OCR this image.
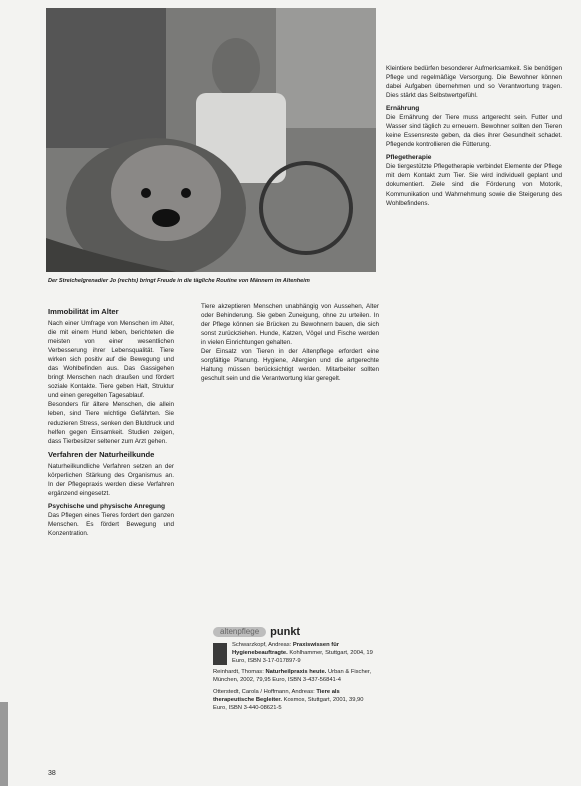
Der Streichelgrenadier Jo (rechts) bringt Freude in die tägliche Routine von Männern im Altenheim
Immobilität im Alter

Nach einer Umfrage von Menschen im Alter, die mit einem Hund leben, berichteten die meisten von einer wesentlichen Verbesserung ihrer Lebensqualität. Tiere wirken sich positiv auf die Bewegung und das Wohlbefinden aus. Das Gassigehen bringt Menschen nach draußen und fördert soziale Kontakte. Tiere geben Halt, Struktur und einen geregelten Tagesablauf.

Besonders für ältere Menschen, die allein leben, sind Tiere wichtige Gefährten. Sie reduzieren Stress, senken den Blutdruck und helfen gegen Einsamkeit. Studien zeigen, dass Tierbesitzer seltener zum Arzt gehen.

Verfahren der Naturheilkunde

Naturheilkundliche Verfahren setzen an der körperlichen Stärkung des Organismus an. In der Pflegepraxis werden diese Verfahren ergänzend eingesetzt.

Psychische und physische Anregung

Das Pflegen eines Tieres fordert den ganzen Menschen. Es fördert Bewegung und Konzentration.

Tiere akzeptieren Menschen unabhängig von Aussehen, Alter oder Behinderung. Sie geben Zuneigung, ohne zu urteilen. In der Pflege können sie Brücken zu Bewohnern bauen, die sich sonst zurückziehen. Hunde, Katzen, Vögel und Fische werden in vielen Einrichtungen gehalten.

Der Einsatz von Tieren in der Altenpflege erfordert eine sorgfältige Planung. Hygiene, Allergien und die artgerechte Haltung müssen berücksichtigt werden. Mitarbeiter sollten geschult sein und die Verantwortung klar geregelt.

altenpflege	punkt
Schwarzkopf, Andreas: Praxiswissen für Hygienebeauftragte. Kohlhammer, Stuttgart, 2004, 19 Euro, ISBN 3-17-017897-9
Reinhardt, Thomas: Naturheilpraxis heute. Urban & Fischer, München, 2002, 79,95 Euro, ISBN 3-437-56841-4
Otterstedt, Carola / Hoffmann, Andreas: Tiere als therapeutische Begleiter. Kosmos, Stuttgart, 2001, 39,90 Euro, ISBN 3-440-08621-5

Kleintiere bedürfen besonderer Aufmerksamkeit. Sie benötigen Pflege und regelmäßige Versorgung. Die Bewohner können dabei Aufgaben übernehmen und so Verantwortung tragen. Dies stärkt das Selbstwertgefühl.

Ernährung

Die Ernährung der Tiere muss artgerecht sein. Futter und Wasser sind täglich zu erneuern. Bewohner sollten den Tieren keine Essensreste geben, da dies ihrer Gesundheit schadet. Pflegende kontrollieren die Fütterung.

Pflegetherapie

Die tiergestützte Pflegetherapie verbindet Elemente der Pflege mit dem Kontakt zum Tier. Sie wird individuell geplant und dokumentiert. Ziele sind die Förderung von Motorik, Kommunikation und Wahrnehmung sowie die Steigerung des Wohlbefindens.

38
